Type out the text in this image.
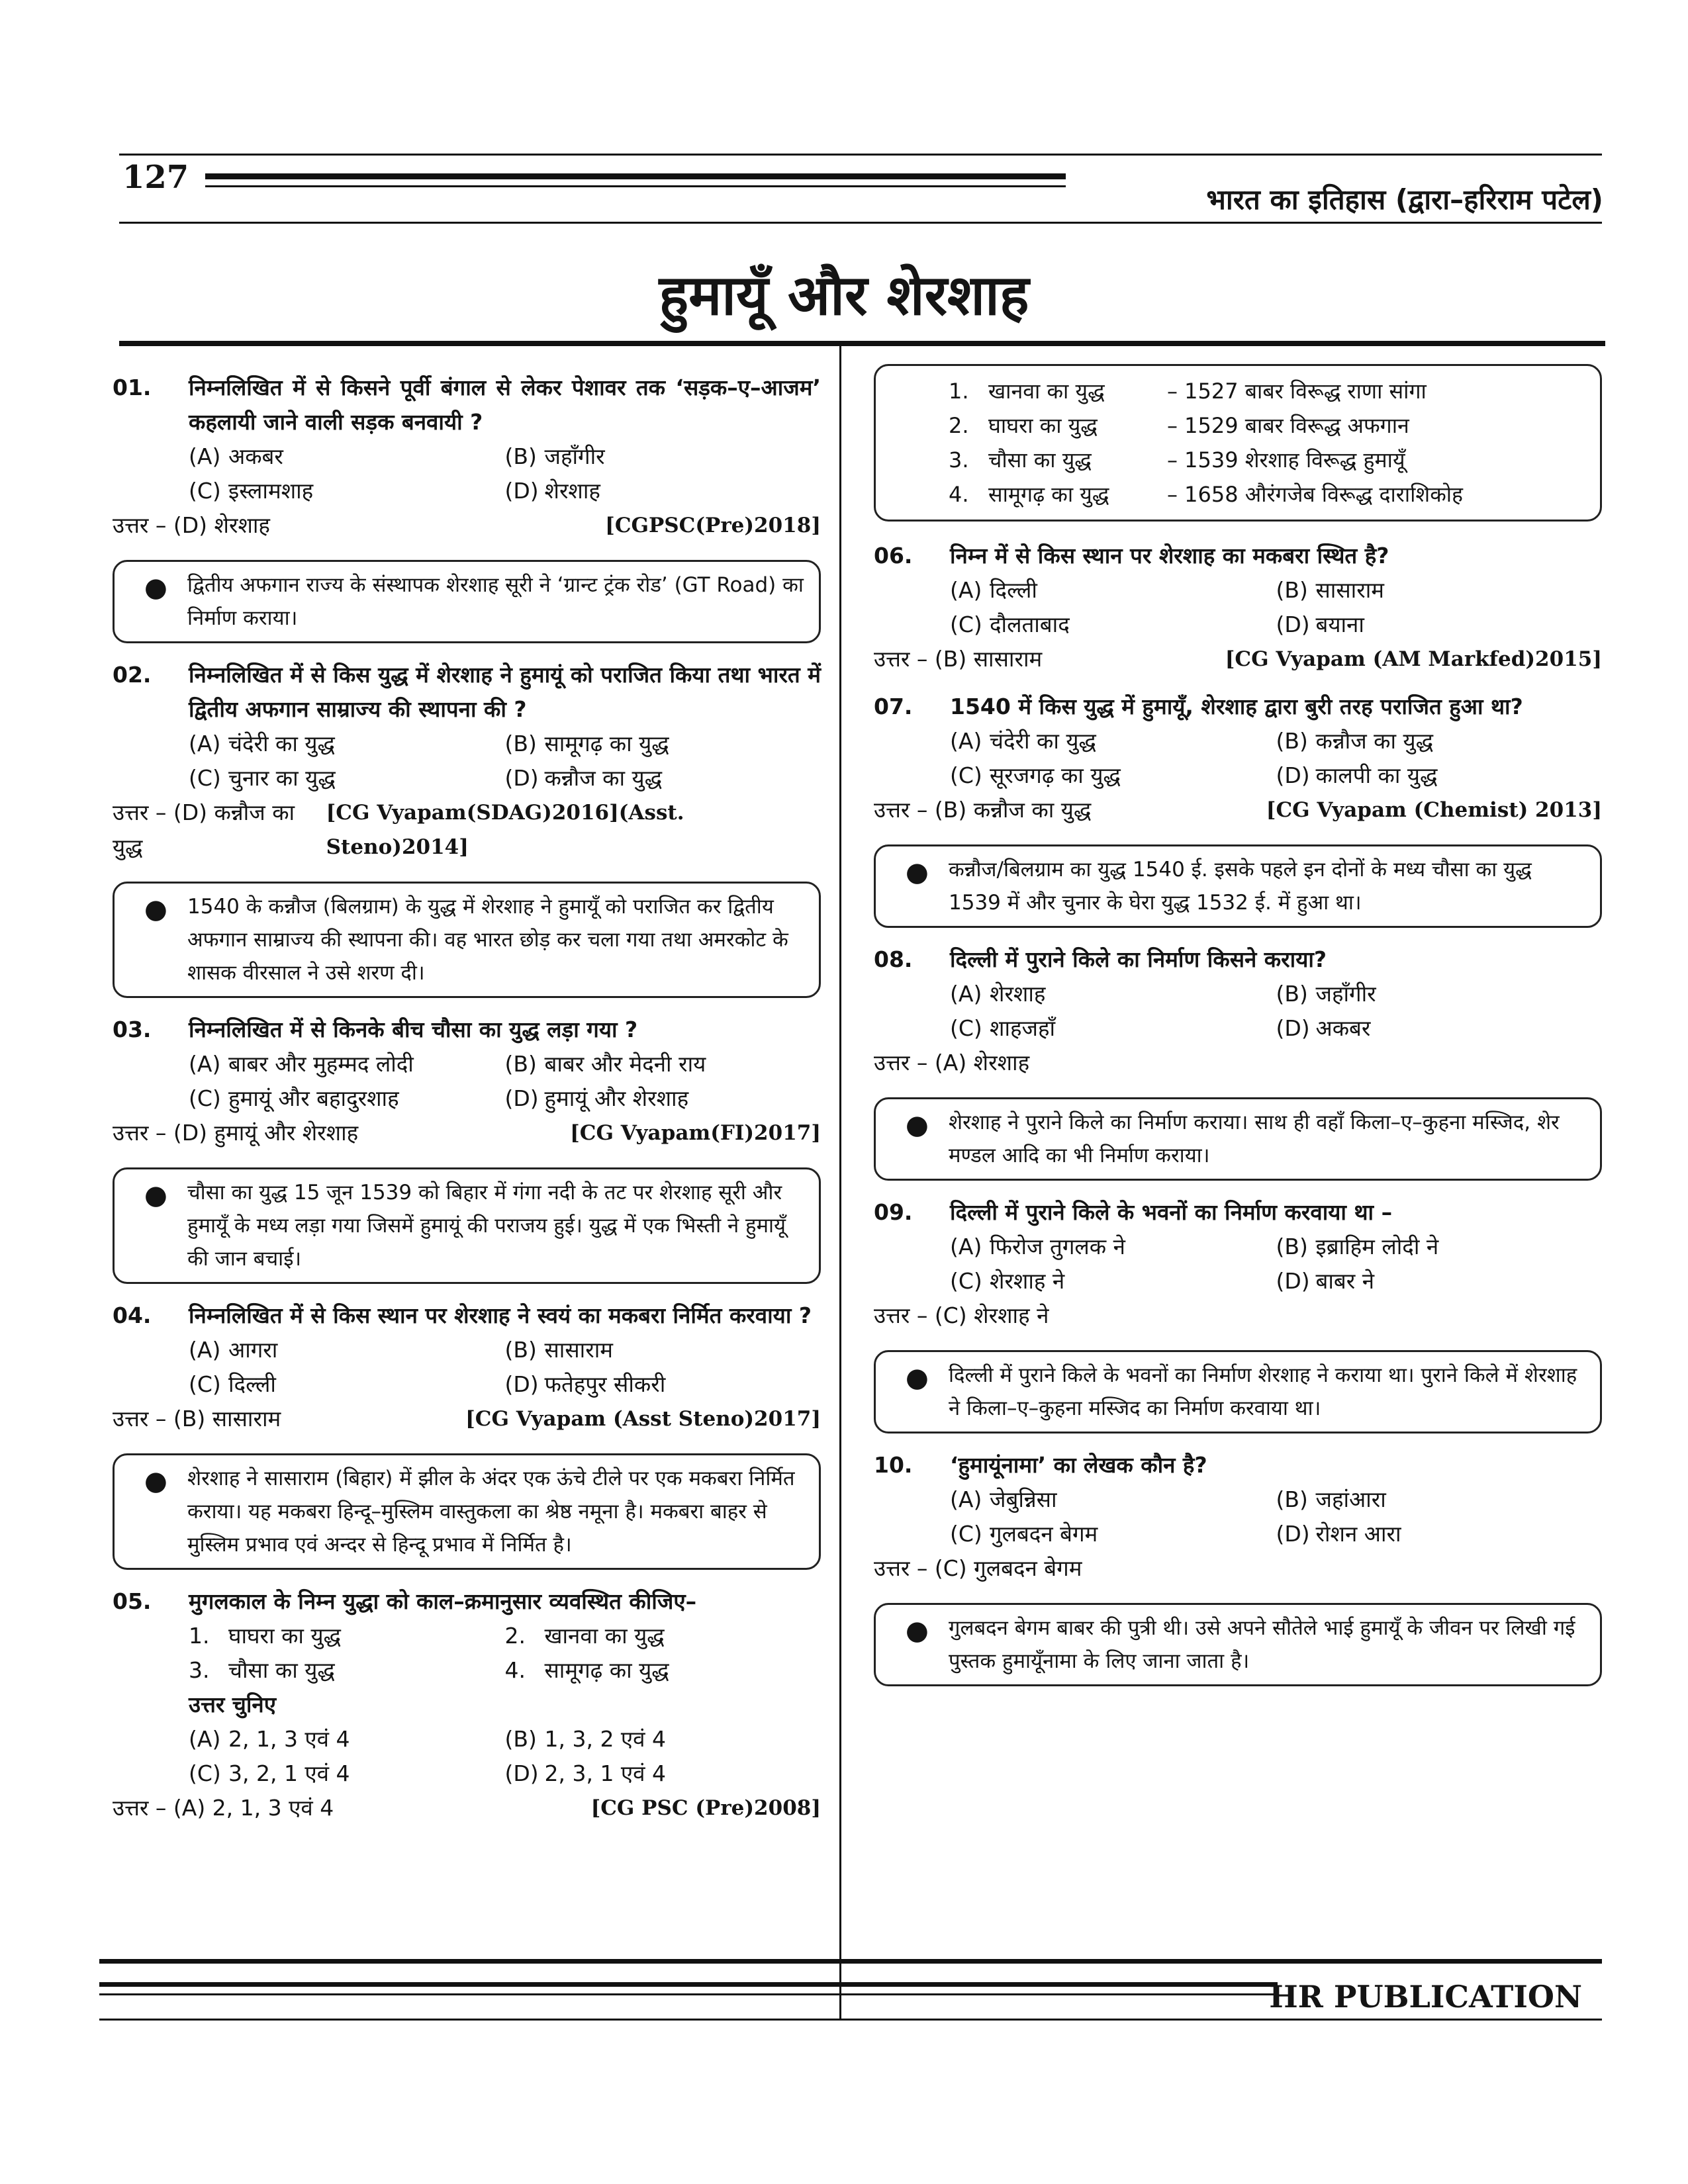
127
भारत का इतिहास (द्वारा–हरिराम पटेल)
हुमायूँ और शेरशाह
01. निम्नलिखित में से किसने पूर्वी बंगाल से लेकर पेशावर तक ‘सड़क–ए–आजम’ कहलायी जाने वाली सड़क बनवायी ?
(A) अकबर	(B) जहाँगीर
(C) इस्लामशाह	(D) शेरशाह
उत्तर – (D) शेरशाह	[CGPSC(Pre)2018]
● द्वितीय अफगान राज्य के संस्थापक शेरशाह सूरी ने ‘ग्रान्ट ट्रंक रोड’ (GT Road) का निर्माण कराया।
02. निम्नलिखित में से किस युद्ध में शेरशाह ने हुमायूं को पराजित किया तथा भारत में द्वितीय अफगान साम्राज्य की स्थापना की ?
(A) चंदेरी का युद्ध	(B) सामूगढ़ का युद्ध
(C) चुनार का युद्ध	(D) कन्नौज का युद्ध
उत्तर – (D) कन्नौज का युद्ध
[CG Vyapam(SDAG)2016](Asst. Steno)2014]
● 1540 के कन्नौज (बिलग्राम) के युद्ध में शेरशाह ने हुमायूँ को पराजित कर द्वितीय अफगान साम्राज्य की स्थापना की। वह भारत छोड़ कर चला गया तथा अमरकोट के शासक वीरसाल ने उसे शरण दी।
03. निम्नलिखित में से किनके बीच चौसा का युद्ध लड़ा गया ?
(A) बाबर और मुहम्मद लोदी	(B) बाबर और मेदनी राय
(C) हुमायूं और बहादुरशाह	(D) हुमायूं और शेरशाह
उत्तर – (D) हुमायूं और शेरशाह	[CG Vyapam(FI)2017]
● चौसा का युद्ध 15 जून 1539 को बिहार में गंगा नदी के तट पर शेरशाह सूरी और हुमायूँ के मध्य लड़ा गया जिसमें हुमायूं की पराजय हुई। युद्ध में एक भिस्ती ने हुमायूँ की जान बचाई।
04. निम्नलिखित में से किस स्थान पर शेरशाह ने स्वयं का मकबरा निर्मित करवाया ?
(A) आगरा	(B) सासाराम
(C) दिल्ली	(D) फतेहपुर सीकरी
उत्तर – (B) सासाराम	[CG Vyapam (Asst Steno)2017]
● शेरशाह ने सासाराम (बिहार) में झील के अंदर एक ऊंचे टीले पर एक मकबरा निर्मित कराया। यह मकबरा हिन्दू–मुस्लिम वास्तुकला का श्रेष्ठ नमूना है। मकबरा बाहर से मुस्लिम प्रभाव एवं अन्दर से हिन्दू प्रभाव में निर्मित है।
05. मुगलकाल के निम्न युद्धा को काल–क्रमानुसार व्यवस्थित कीजिए–
1. घाघरा का युद्ध	2. खानवा का युद्ध
3. चौसा का युद्ध	4. सामूगढ़ का युद्ध
उत्तर चुनिए
(A) 2, 1, 3 एवं 4	(B) 1, 3, 2 एवं 4
(C) 3, 2, 1 एवं 4	(D) 2, 3, 1 एवं 4
उत्तर – (A) 2, 1, 3 एवं 4	[CG PSC (Pre)2008]
1. खानवा का युद्ध	– 1527 बाबर विरूद्ध राणा सांगा
2. घाघरा का युद्ध	– 1529 बाबर विरूद्ध अफगान
3. चौसा का युद्ध	– 1539 शेरशाह विरूद्ध हुमायूँ
4. सामूगढ़ का युद्ध	– 1658 औरंगजेब विरूद्ध दाराशिकोह
06. निम्न में से किस स्थान पर शेरशाह का मकबरा स्थित है?
(A) दिल्ली	(B) सासाराम
(C) दौलताबाद	(D) बयाना
उत्तर – (B) सासाराम	[CG Vyapam (AM Markfed)2015]
07. 1540 में किस युद्ध में हुमायूँ, शेरशाह द्वारा बुरी तरह पराजित हुआ था?
(A) चंदेरी का युद्ध	(B) कन्नौज का युद्ध
(C) सूरजगढ़ का युद्ध	(D) कालपी का युद्ध
उत्तर – (B) कन्नौज का युद्ध	[CG Vyapam (Chemist) 2013]
● कन्नौज/बिलग्राम का युद्ध 1540 ई. इसके पहले इन दोनों के मध्य चौसा का युद्ध 1539 में और चुनार के घेरा युद्ध 1532 ई. में हुआ था।
08. दिल्ली में पुराने किले का निर्माण किसने कराया?
(A) शेरशाह	(B) जहाँगीर
(C) शाहजहाँ	(D) अकबर
उत्तर – (A) शेरशाह
● शेरशाह ने पुराने किले का निर्माण कराया। साथ ही वहाँ किला–ए–कुहना मस्जिद, शेर मण्डल आदि का भी निर्माण कराया।
09. दिल्ली में पुराने किले के भवनों का निर्माण करवाया था –
(A) फिरोज तुगलक ने	(B) इब्राहिम लोदी ने
(C) शेरशाह ने	(D) बाबर ने
उत्तर – (C) शेरशाह ने
● दिल्ली में पुराने किले के भवनों का निर्माण शेरशाह ने कराया था। पुराने किले में शेरशाह ने किला–ए–कुहना मस्जिद का निर्माण करवाया था।
10. ‘हुमायूंनामा’ का लेखक कौन है?
(A) जेबुन्निसा	(B) जहांआरा
(C) गुलबदन बेगम	(D) रोशन आरा
उत्तर – (C) गुलबदन बेगम
● गुलबदन बेगम बाबर की पुत्री थी। उसे अपने सौतेले भाई हुमायूँ के जीवन पर लिखी गई पुस्तक हुमायूँनामा के लिए जाना जाता है।
HR PUBLICATION
